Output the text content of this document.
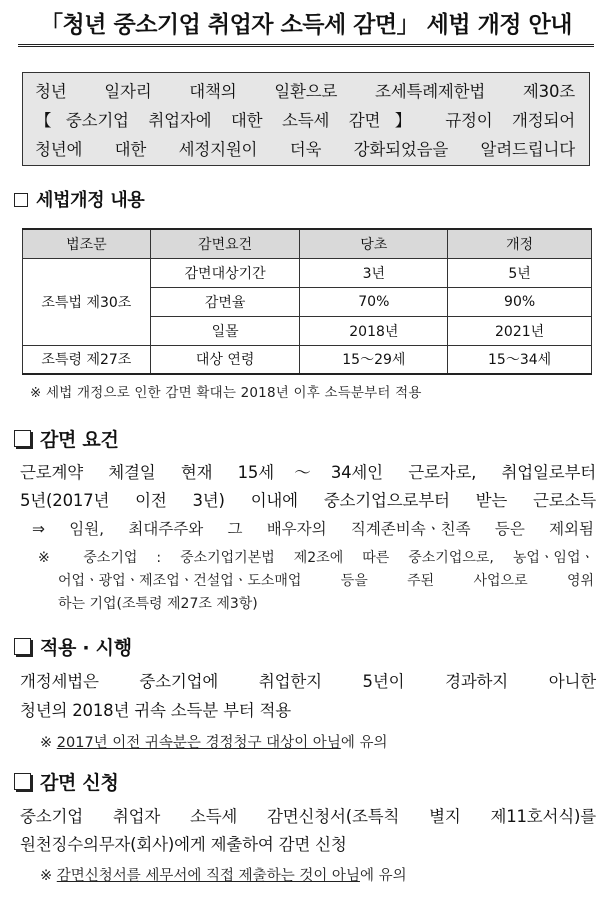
「청년 중소기업 취업자 소득세 감면」 세법 개정 안내
청년 일자리 대책의 일환으로 조세특례제한법 제30조
【중소기업 취업자에 대한 소득세 감면】 규정이 개정되어
청년에 대한 세정지원이 더욱 강화되었음을 알려드립니다
세법개정 내용
법조문	감면요건	당초	개정
조특법 제30조	감면대상기간	3년	5년
	감면율	70%	90%
	일몰	2018년	2021년
조특령 제27조	대상 연령	15～29세	15～34세
※ 세법 개정으로 인한 감면 확대는 2018년 이후 소득분부터 적용
감면 요건
근로계약 체결일 현재 15세～34세인 근로자로, 취업일로부터
5년(2017년 이전 3년) 이내에 중소기업으로부터 받는 근로소득
⇒ 임원, 최대주주와 그 배우자의 직계존비속ㆍ친족 등은 제외됨
※ 중소기업 : 중소기업기본법 제2조에 따른 중소기업으로, 농업ㆍ임업ㆍ
어업ㆍ광업ㆍ제조업ㆍ건설업ㆍ도소매업 등을 주된 사업으로 영위
하는 기업(조특령 제27조 제3항)
적용 · 시행
개정세법은 중소기업에 취업한지 5년이 경과하지 아니한
청년의 2018년 귀속 소득분 부터 적용
※ 2017년 이전 귀속분은 경정청구 대상이 아님에 유의
감면 신청
중소기업 취업자 소득세 감면신청서(조특칙 별지 제11호서식)를
원천징수의무자(회사)에게 제출하여 감면 신청
※ 감면신청서를 세무서에 직접 제출하는 것이 아님에 유의
